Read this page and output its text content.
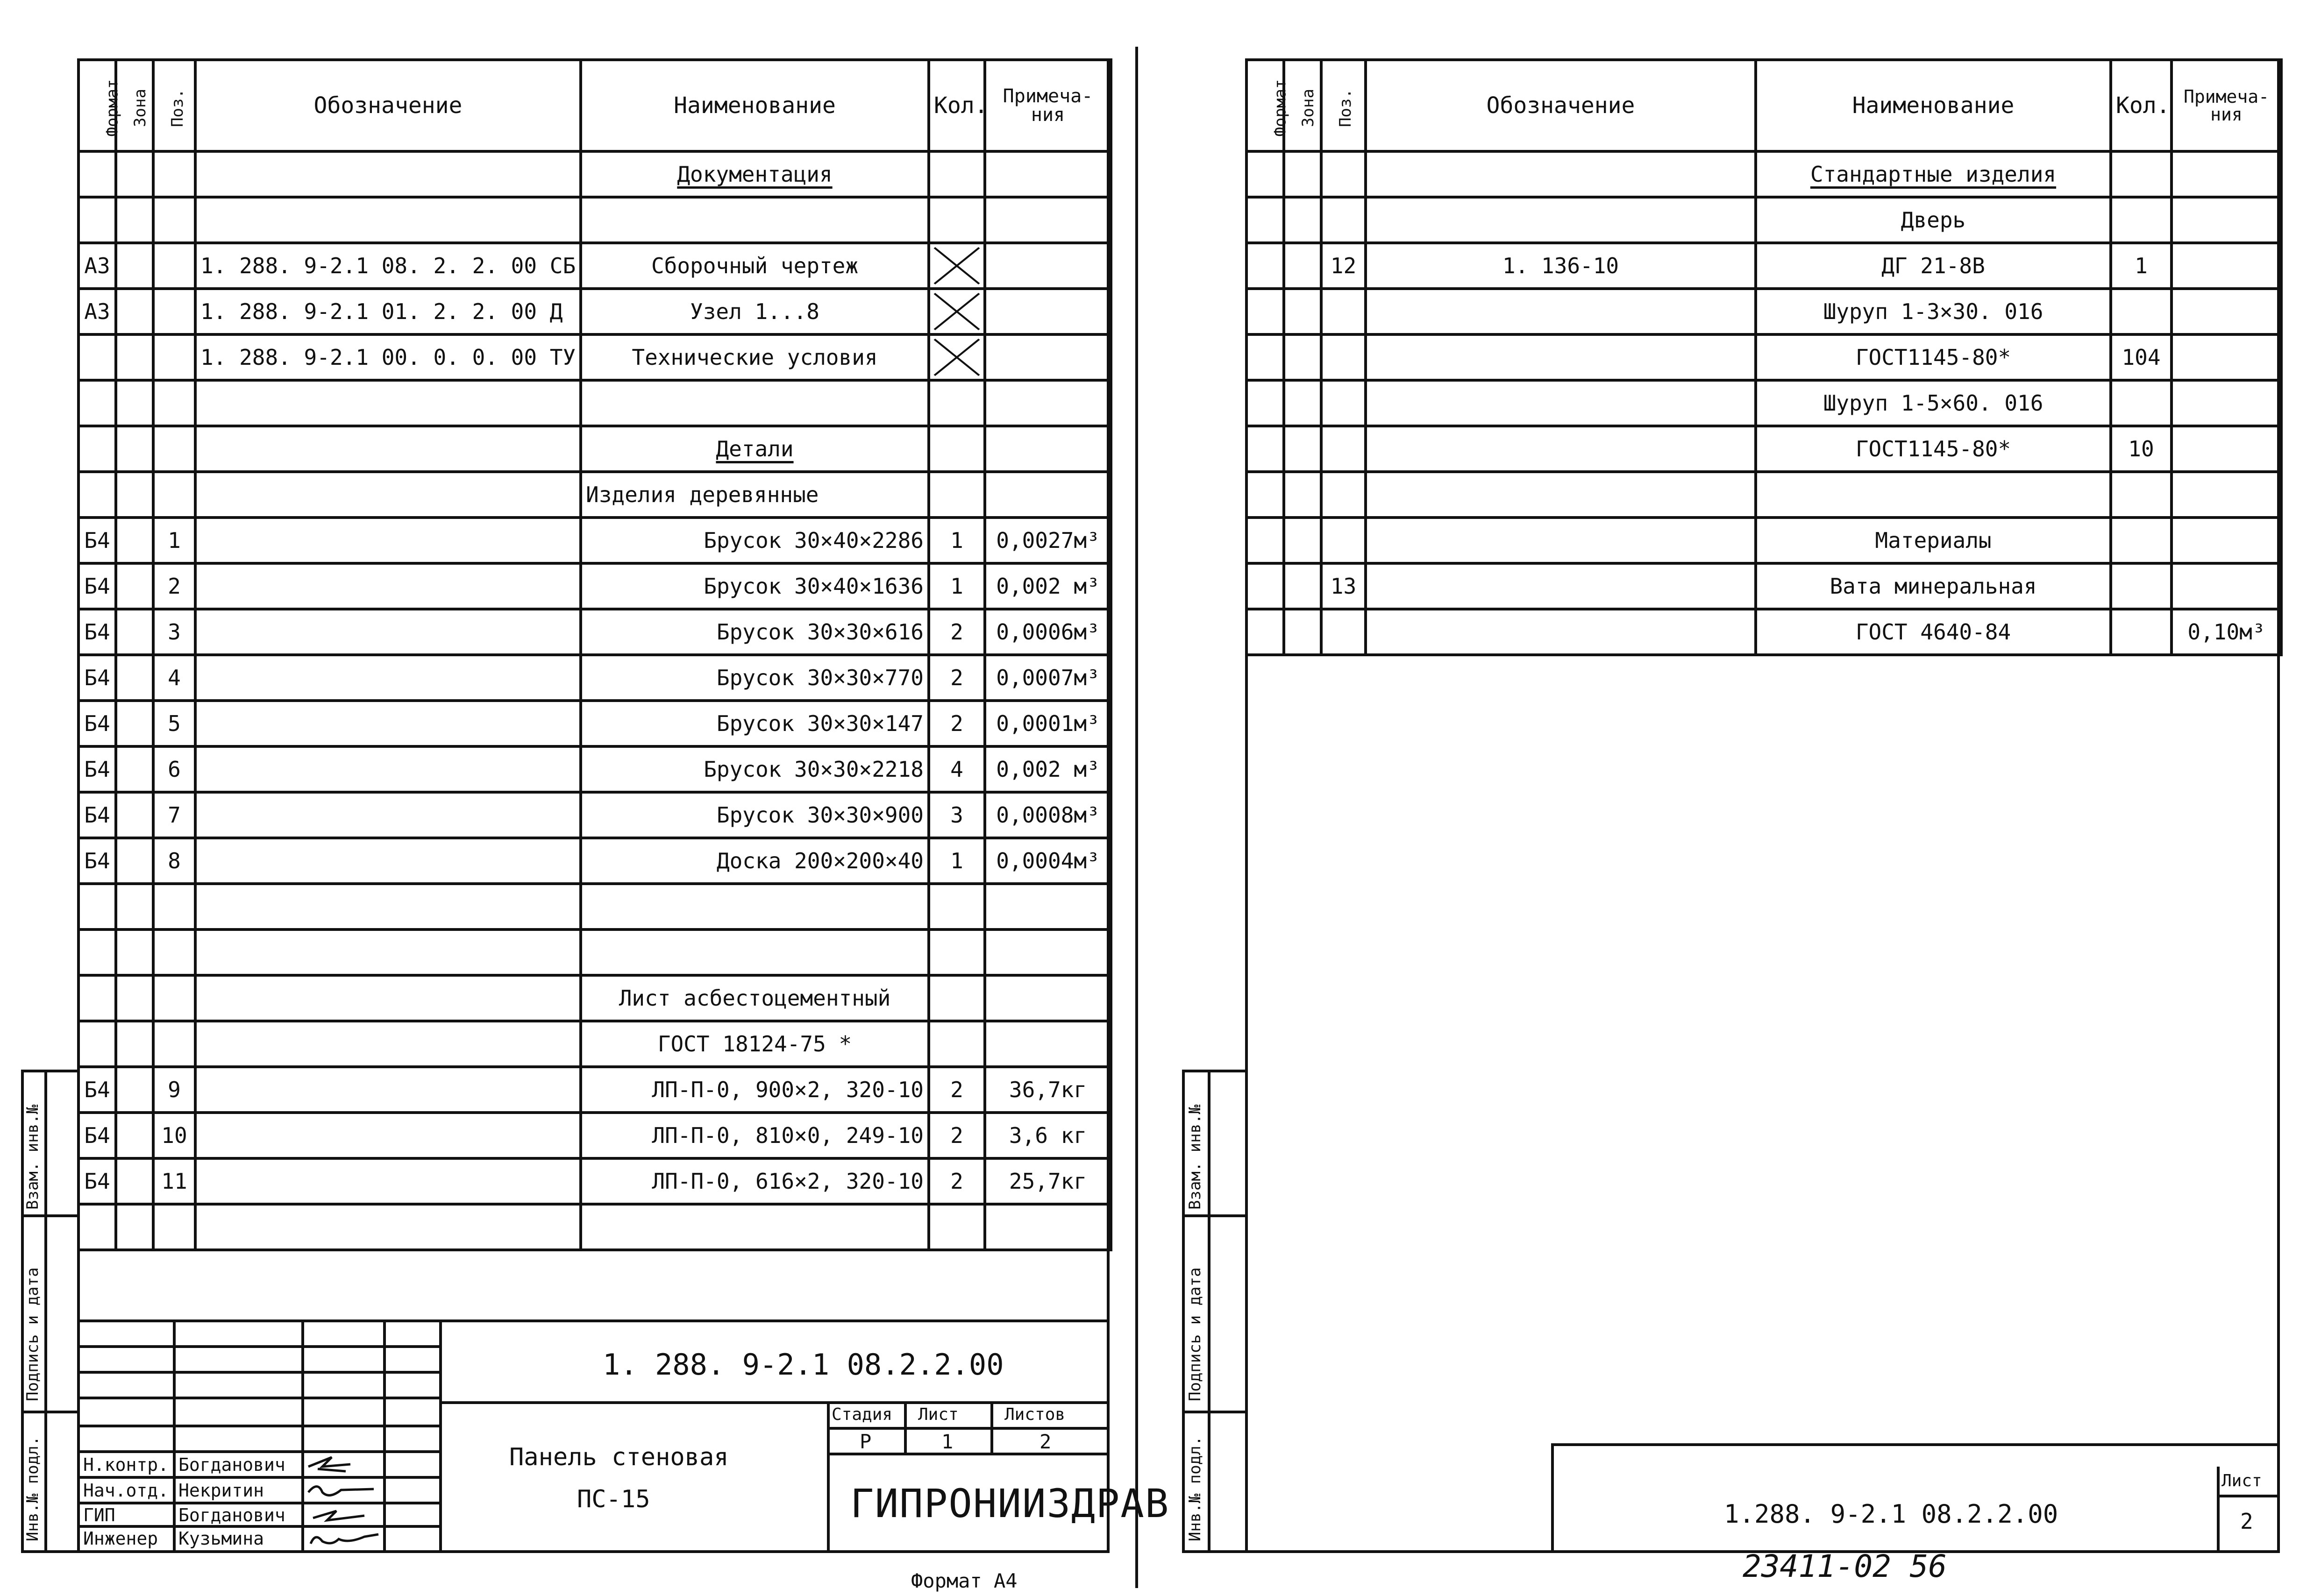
Формат	Зона	Поз.	Обозначение	Наименование	Кол.	Примеча-ния
				Документация		

А3			1. 288. 9-2.1 08. 2. 2. 00 СБ	Сборочный чертеж	

А3			1. 288. 9-2.1 01. 2. 2. 00 Д	Узел 1...8	

			1. 288. 9-2.1 00. 0. 0. 00 ТУ	Технические условия	

				Детали		
				Изделия деревянные		
Б4		1		Брусок 30×40×2286	1	0,0027м³
Б4		2		Брусок 30×40×1636	1	0,002 м³
Б4		3		Брусок 30×30×616	2	0,0006м³
Б4		4		Брусок 30×30×770	2	0,0007м³
Б4		5		Брусок 30×30×147	2	0,0001м³
Б4		6		Брусок 30×30×2218	4	0,002 м³
Б4		7		Брусок 30×30×900	3	0,0008м³
Б4		8		Доска 200×200×40	1	0,0004м³

				Лист асбестоцементный		
				ГОСТ 18124-75 *		
Б4		9		ЛП-П-0, 900×2, 320-10	2	36,7кг
Б4		10		ЛП-П-0, 810×0, 249-10	2	3,6 кг
Б4		11		ЛП-П-0, 616×2, 320-10	2	25,7кг

Инв.№ подл.
Подпись и дата
Взам. инв.№
1. 288. 9-2.1 08.2.2.00
Панель стеновая
ПС-15
Стадия Лист	Листов
Р	1	2
ГИПРОНИИЗДРАВ
Н.контр. Богданович
Нач.отд. Некритин
ГИП	Богданович
Инженер Кузьмина
Формат А4
Формат	Зона	Поз.	Обозначение	Наименование	Кол.	Примеча-ния
				Стандартные изделия		
				Дверь		
		12	1. 136-10	ДГ 21-8В	1	
				Шуруп 1-3×30. 016		
				ГОСТ1145-80*	104	
				Шуруп 1-5×60. 016		
				ГОСТ1145-80*	10	

				Материалы		
		13		Вата минеральная		
				ГОСТ 4640-84		0,10м³
Инв.№ подл.
Подпись и дата
Взам. инв.№
1.288. 9-2.1 08.2.2.00
Лист
2
23411-02 56
